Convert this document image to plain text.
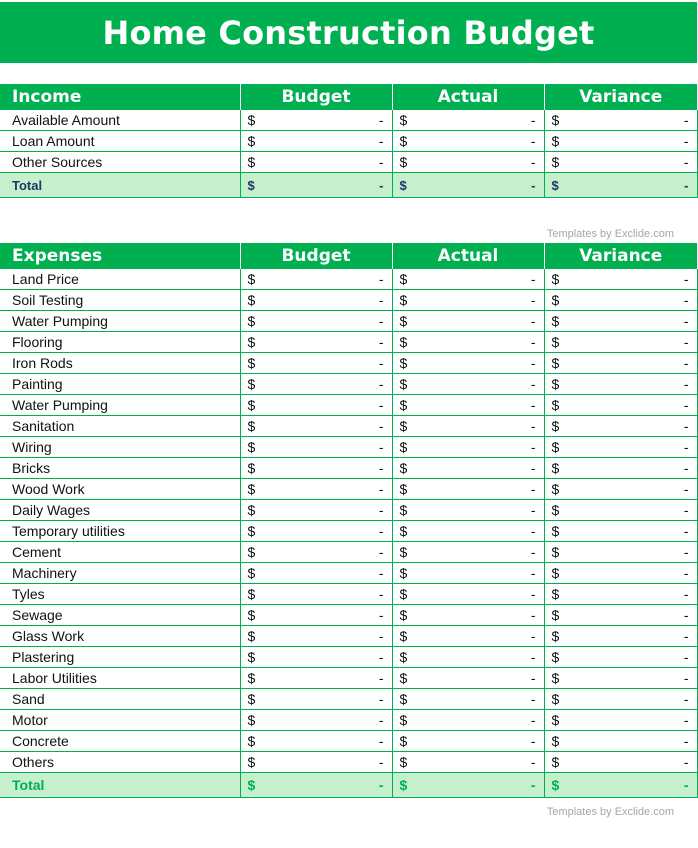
Home Construction Budget
Income	Budget	Actual	Variance
Available Amount	$ -	$ -	$ -

Loan Amount	$ -	$ -	$ -

Other Sources	$ -	$ -	$ -

Total	$ -	$ -	$ -
Templates by Exclide.com
Expenses	Budget	Actual	Variance
Land Price	$ -	$ -	$ -

Soil Testing	$ -	$ -	$ -

Water Pumping	$ -	$ -	$ -

Flooring	$ -	$ -	$ -

Iron Rods	$ -	$ -	$ -

Painting	$ -	$ -	$ -

Water Pumping	$ -	$ -	$ -

Sanitation	$ -	$ -	$ -

Wiring	$ -	$ -	$ -

Bricks	$ -	$ -	$ -

Wood Work	$ -	$ -	$ -

Daily Wages	$ -	$ -	$ -

Temporary utilities	$ -	$ -	$ -

Cement	$ -	$ -	$ -

Machinery	$ -	$ -	$ -

Tyles	$ -	$ -	$ -

Sewage	$ -	$ -	$ -

Glass Work	$ -	$ -	$ -

Plastering	$ -	$ -	$ -

Labor Utilities	$ -	$ -	$ -

Sand	$ -	$ -	$ -

Motor	$ -	$ -	$ -

Concrete	$ -	$ -	$ -

Others	$ -	$ -	$ -

Total	$ -	$ -	$ -
Templates by Exclide.com
